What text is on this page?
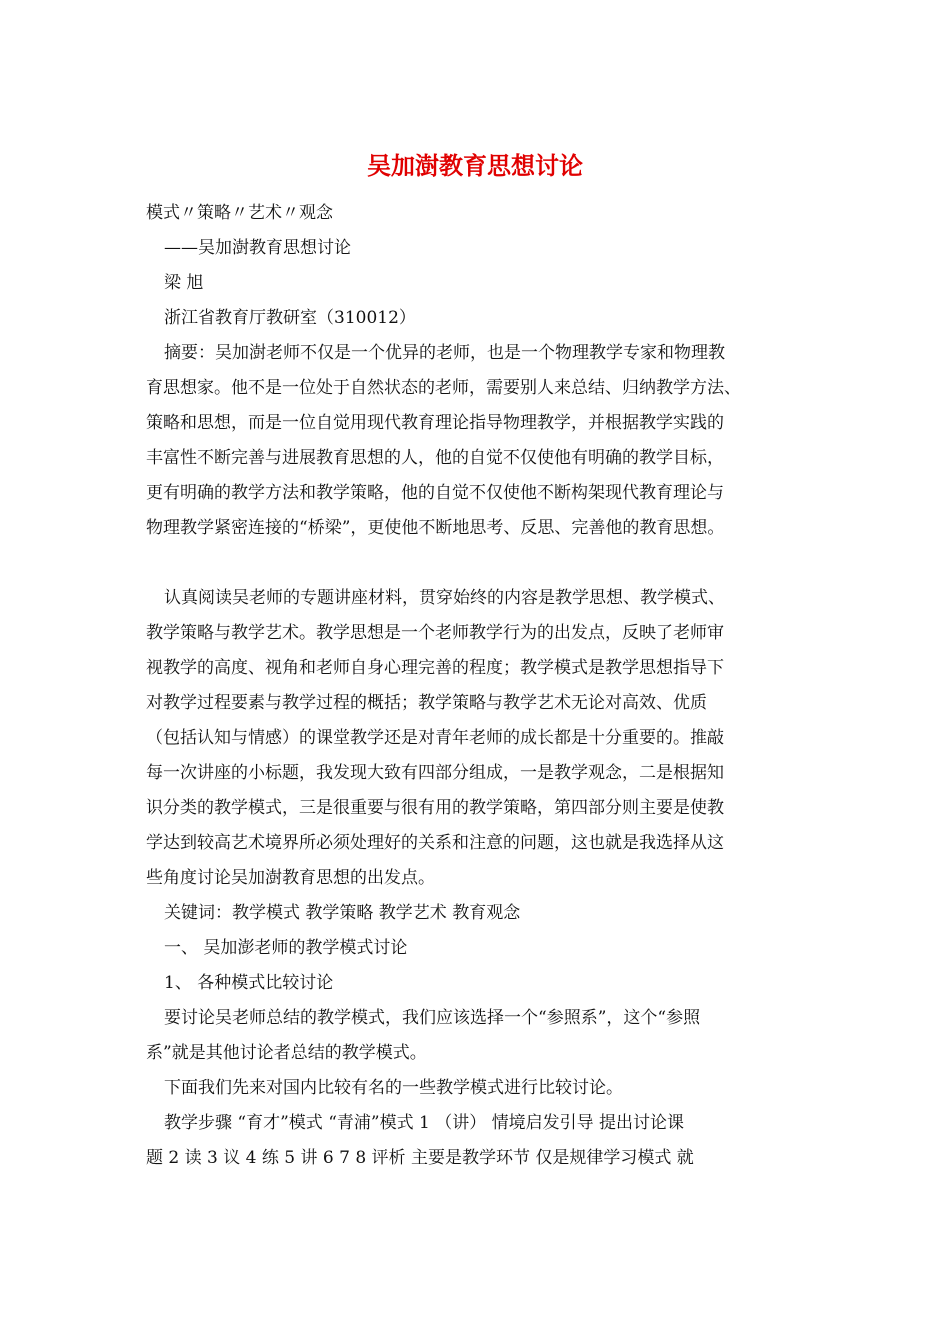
吴加澍教育思想讨论
模式〃策略〃艺术〃观念
——吴加澍教育思想讨论
梁 旭
浙江省教育厅教研室（310012）
摘要：吴加澍老师不仅是一个优异的老师，也是一个物理教学专家和物理教
育思想家。他不是一位处于自然状态的老师，需要别人来总结、归纳教学方法、
策略和思想，而是一位自觉用现代教育理论指导物理教学，并根据教学实践的
丰富性不断完善与进展教育思想的人，他的自觉不仅使他有明确的教学目标，
更有明确的教学方法和教学策略，他的自觉不仅使他不断构架现代教育理论与
物理教学紧密连接的“桥梁”，更使他不断地思考、反思、完善他的教育思想。
认真阅读吴老师的专题讲座材料，贯穿始终的内容是教学思想、教学模式、
教学策略与教学艺术。教学思想是一个老师教学行为的出发点，反映了老师审
视教学的高度、视角和老师自身心理完善的程度；教学模式是教学思想指导下
对教学过程要素与教学过程的概括；教学策略与教学艺术无论对高效、优质
（包括认知与情感）的课堂教学还是对青年老师的成长都是十分重要的。推敲
每一次讲座的小标题，我发现大致有四部分组成，一是教学观念，二是根据知
识分类的教学模式，三是很重要与很有用的教学策略，第四部分则主要是使教
学达到较高艺术境界所必须处理好的关系和注意的问题，这也就是我选择从这
些角度讨论吴加澍教育思想的出发点。
关键词：教学模式 教学策略 教学艺术 教育观念
一、 吴加澎老师的教学模式讨论
1、 各种模式比较讨论
要讨论吴老师总结的教学模式，我们应该选择一个“参照系”，这个“参照
系”就是其他讨论者总结的教学模式。
下面我们先来对国内比较有名的一些教学模式进行比较讨论。
教学步骤 “育才”模式 “青浦”模式 1 （讲） 情境启发引导 提出讨论课
题 2 读 3 议 4 练 5 讲 6 7 8 评析 主要是教学环节 仅是规律学习模式 就
